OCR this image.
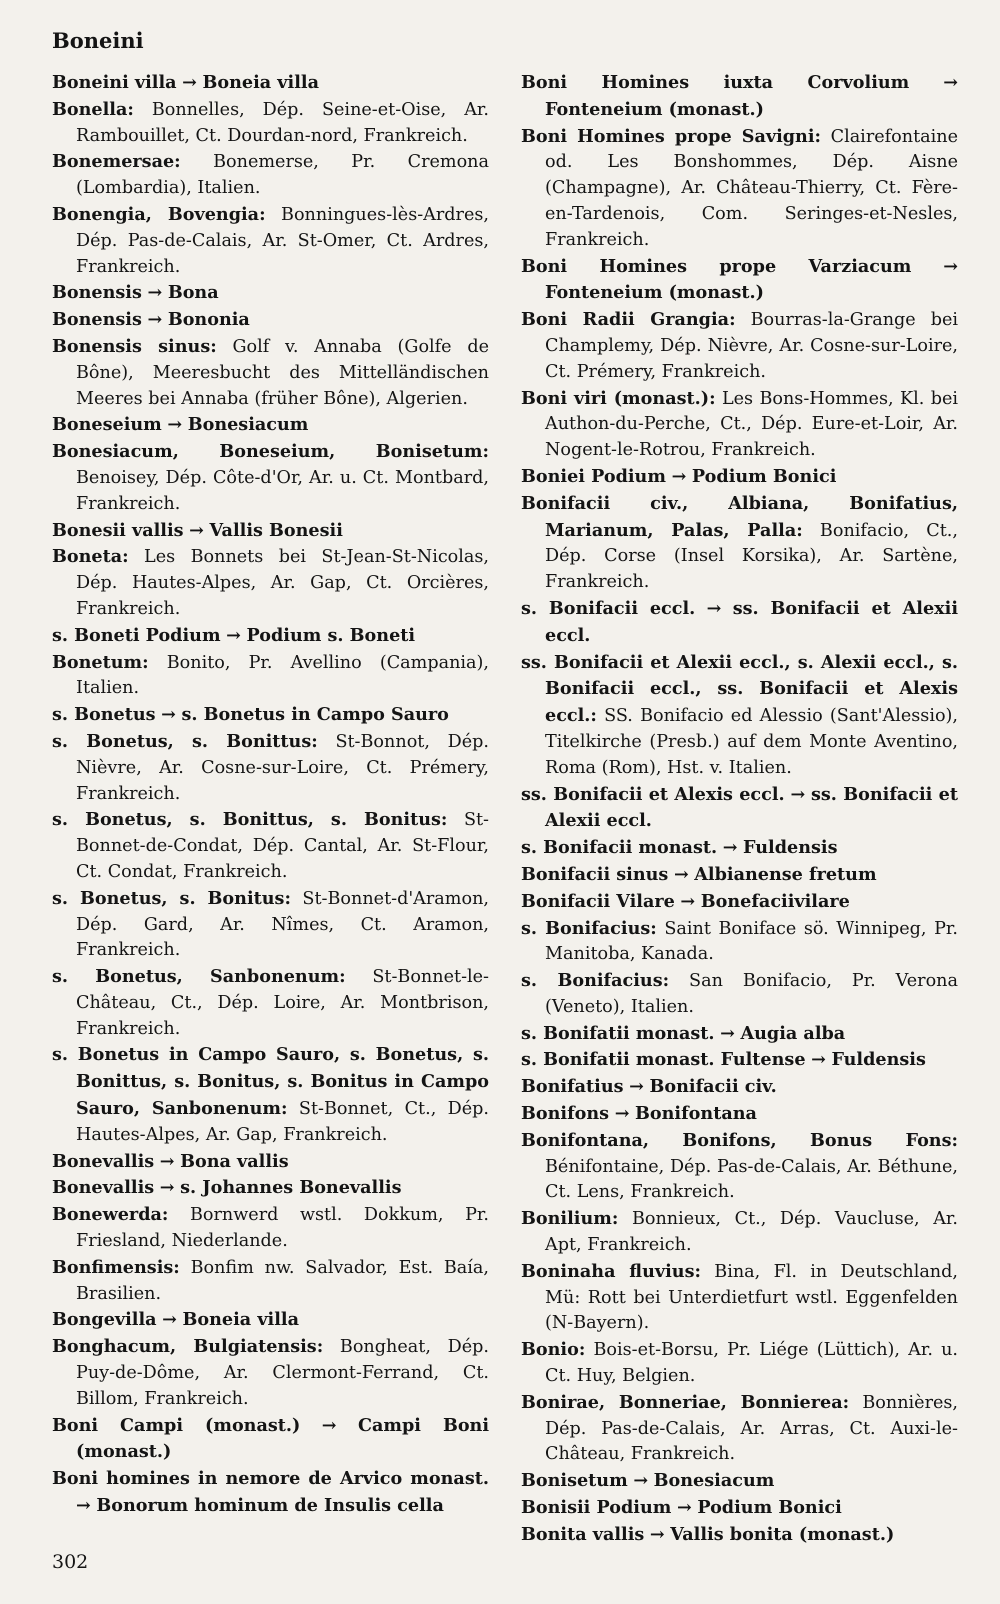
Boneini
Boneini villa → Boneia villa
Bonella: Bonnelles, Dép. Seine-et-Oise, Ar. Rambouillet, Ct. Dourdan-nord, Frankreich.
Bonemersae: Bonemerse, Pr. Cremona (Lombardia), Italien.
Bonengia, Bovengia: Bonningues-lès-Ardres, Dép. Pas-de-Calais, Ar. St-Omer, Ct. Ardres, Frankreich.
Bonensis → Bona
Bonensis → Bononia
Bonensis sinus: Golf v. Annaba (Golfe de Bône), Meeresbucht des Mittelländischen Meeres bei Annaba (früher Bône), Algerien.
Boneseium → Bonesiacum
Bonesiacum, Boneseium, Bonisetum: Benoisey, Dép. Côte-d'Or, Ar. u. Ct. Montbard, Frankreich.
Bonesii vallis → Vallis Bonesii
Boneta: Les Bonnets bei St-Jean-St-Nicolas, Dép. Hautes-Alpes, Ar. Gap, Ct. Orcières, Frankreich.
s. Boneti Podium → Podium s. Boneti
Bonetum: Bonito, Pr. Avellino (Campania), Italien.
s. Bonetus → s. Bonetus in Campo Sauro
s. Bonetus, s. Bonittus: St-Bonnot, Dép. Nièvre, Ar. Cosne-sur-Loire, Ct. Prémery, Frankreich.
s. Bonetus, s. Bonittus, s. Bonitus: St-Bonnet-de-Condat, Dép. Cantal, Ar. St-Flour, Ct. Condat, Frankreich.
s. Bonetus, s. Bonitus: St-Bonnet-d'Aramon, Dép. Gard, Ar. Nîmes, Ct. Aramon, Frankreich.
s. Bonetus, Sanbonenum: St-Bonnet-le-Château, Ct., Dép. Loire, Ar. Montbrison, Frankreich.
s. Bonetus in Campo Sauro, s. Bonetus, s. Bonittus, s. Bonitus, s. Bonitus in Campo Sauro, Sanbonenum: St-Bonnet, Ct., Dép. Hautes-Alpes, Ar. Gap, Frankreich.
Bonevallis → Bona vallis
Bonevallis → s. Johannes Bonevallis
Bonewerda: Bornwerd wstl. Dokkum, Pr. Friesland, Niederlande.
Bonfimensis: Bonfim nw. Salvador, Est. Baía, Brasilien.
Bongevilla → Boneia villa
Bonghacum, Bulgiatensis: Bongheat, Dép. Puy-de-Dôme, Ar. Clermont-Ferrand, Ct. Billom, Frankreich.
Boni Campi (monast.) → Campi Boni (monast.)
Boni homines in nemore de Arvico monast. → Bonorum hominum de Insulis cella
Boni Homines iuxta Corvolium → Fonteneium (monast.)
Boni Homines prope Savigni: Clairefontaine od. Les Bonshommes, Dép. Aisne (Champagne), Ar. Château-Thierry, Ct. Fère-en-Tardenois, Com. Seringes-et-Nesles, Frankreich.
Boni Homines prope Varziacum → Fonteneium (monast.)
Boni Radii Grangia: Bourras-la-Grange bei Champlemy, Dép. Nièvre, Ar. Cosne-sur-Loire, Ct. Prémery, Frankreich.
Boni viri (monast.): Les Bons-Hommes, Kl. bei Authon-du-Perche, Ct., Dép. Eure-et-Loir, Ar. Nogent-le-Rotrou, Frankreich.
Boniei Podium → Podium Bonici
Bonifacii civ., Albiana, Bonifatius, Marianum, Palas, Palla: Bonifacio, Ct., Dép. Corse (Insel Korsika), Ar. Sartène, Frankreich.
s. Bonifacii eccl. → ss. Bonifacii et Alexii eccl.
ss. Bonifacii et Alexii eccl., s. Alexii eccl., s. Bonifacii eccl., ss. Bonifacii et Alexis eccl.: SS. Bonifacio ed Alessio (Sant'Alessio), Titelkirche (Presb.) auf dem Monte Aventino, Roma (Rom), Hst. v. Italien.
ss. Bonifacii et Alexis eccl. → ss. Bonifacii et Alexii eccl.
s. Bonifacii monast. → Fuldensis
Bonifacii sinus → Albianense fretum
Bonifacii Vilare → Bonefaciivilare
s. Bonifacius: Saint Boniface sö. Winnipeg, Pr. Manitoba, Kanada.
s. Bonifacius: San Bonifacio, Pr. Verona (Veneto), Italien.
s. Bonifatii monast. → Augia alba
s. Bonifatii monast. Fultense → Fuldensis
Bonifatius → Bonifacii civ.
Bonifons → Bonifontana
Bonifontana, Bonifons, Bonus Fons: Bénifontaine, Dép. Pas-de-Calais, Ar. Béthune, Ct. Lens, Frankreich.
Bonilium: Bonnieux, Ct., Dép. Vaucluse, Ar. Apt, Frankreich.
Boninaha fluvius: Bina, Fl. in Deutschland, Mü: Rott bei Unterdietfurt wstl. Eggenfelden (N-Bayern).
Bonio: Bois-et-Borsu, Pr. Liége (Lüttich), Ar. u. Ct. Huy, Belgien.
Bonirae, Bonneriae, Bonnierea: Bonnières, Dép. Pas-de-Calais, Ar. Arras, Ct. Auxi-le-Château, Frankreich.
Bonisetum → Bonesiacum
Bonisii Podium → Podium Bonici
Bonita vallis → Vallis bonita (monast.)
302
